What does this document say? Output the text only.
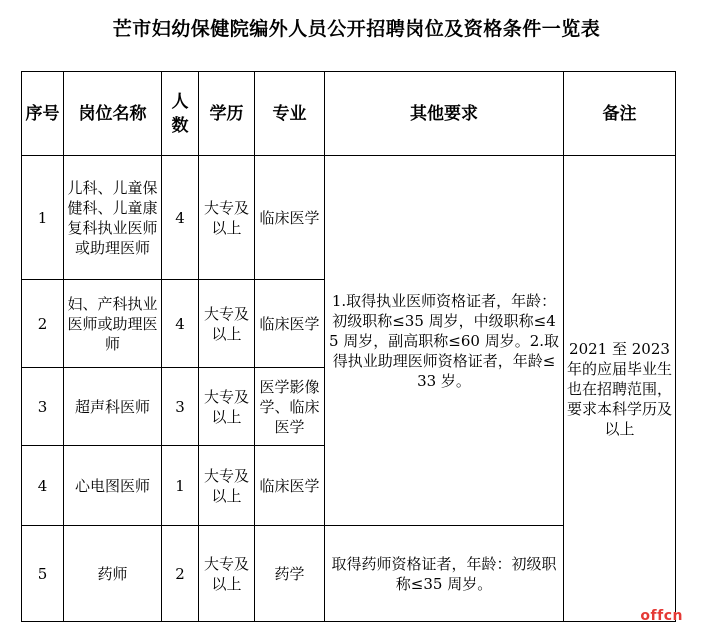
芒市妇幼保健院编外人员公开招聘岗位及资格条件一览表
序号	岗位名称	人数	学历	专业	其他要求	备注
1	儿科、儿童保健科、儿童康复科执业医师或助理医师	4	大专及以上	临床医学	1.取得执业医师资格证者，年龄：初级职称≤35 周岁，中级职称≤45 周岁，副高职称≤60 周岁。2.取得执业助理医师资格证者，年龄≤33 岁。	2021 至 2023 年的应届毕业生也在招聘范围，要求本科学历及以上
2	妇、产科执业医师或助理医师	4	大专及以上	临床医学		
3	超声科医师	3	大专及以上	医学影像学、临床医学		
4	心电图医师	1	大专及以上	临床医学		
5	药师	2	大专及以上	药学	取得药师资格证者，年龄：初级职称≤35 周岁。	
offcn
